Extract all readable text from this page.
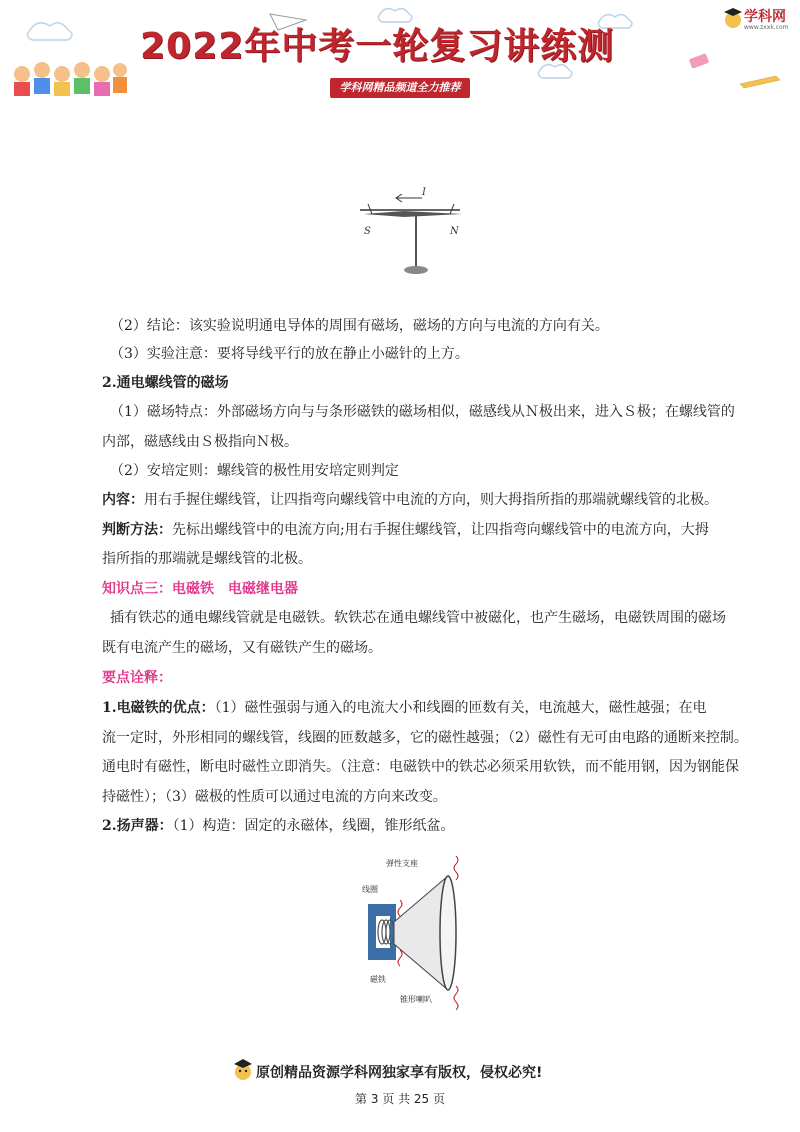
2022年中考一轮复习讲练测
学科网精品频道全力推荐
学科网
www.zxxk.com
I
S	N
（2）结论：该实验说明通电导体的周围有磁场，磁场的方向与电流的方向有关。
（3）实验注意：要将导线平行的放在静止小磁针的上方。
2.通电螺线管的磁场
（1）磁场特点：外部磁场方向与与条形磁铁的磁场相似，磁感线从Ｎ极出来，进入Ｓ极；在螺线管的
内部，磁感线由Ｓ极指向Ｎ极。
（2）安培定则：螺线管的极性用安培定则判定
内容：用右手握住螺线管，让四指弯向螺线管中电流的方向，则大拇指所指的那端就螺线管的北极。
判断方法：先标出螺线管中的电流方向;用右手握住螺线管，让四指弯向螺线管中的电流方向，大拇
指所指的那端就是螺线管的北极。
知识点三：电磁铁　电磁继电器
插有铁芯的通电螺线管就是电磁铁。软铁芯在通电螺线管中被磁化，也产生磁场，电磁铁周围的磁场
既有电流产生的磁场，又有磁铁产生的磁场。
要点诠释：
1.电磁铁的优点：（1）磁性强弱与通入的电流大小和线圈的匝数有关，电流越大，磁性越强；在电
流一定时，外形相同的螺线管，线圈的匝数越多，它的磁性越强；（2）磁性有无可由电路的通断来控制。
通电时有磁性，断电时磁性立即消失。（注意：电磁铁中的铁芯必须采用软铁，而不能用钢，因为钢能保
持磁性）；（3）磁极的性质可以通过电流的方向来改变。
2.扬声器：（1）构造：固定的永磁体，线圈，锥形纸盆。
弹性支座
线圈
磁铁
锥形喇叭
原创精品资源学科网独家享有版权，侵权必究!
第 3 页 共 25 页
